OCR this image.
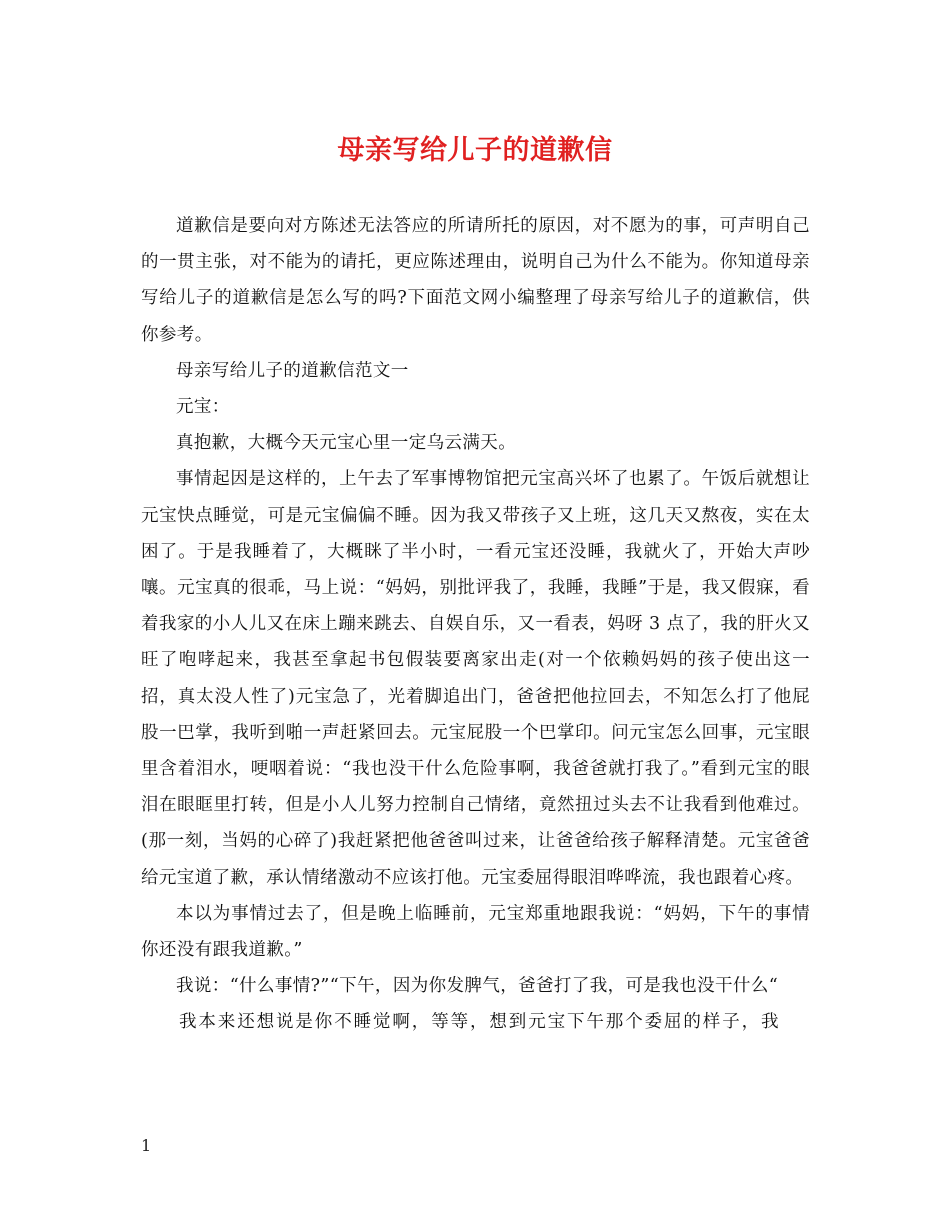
母亲写给儿子的道歉信

道歉信是要向对方陈述无法答应的所请所托的原因，对不愿为的事，可声明自己的一贯主张，对不能为的请托，更应陈述理由，说明自己为什么不能为。你知道母亲写给儿子的道歉信是怎么写的吗?下面范文网小编整理了母亲写给儿子的道歉信，供你参考。

母亲写给儿子的道歉信范文一

元宝：

真抱歉，大概今天元宝心里一定乌云满天。

事情起因是这样的，上午去了军事博物馆把元宝高兴坏了也累了。午饭后就想让元宝快点睡觉，可是元宝偏偏不睡。因为我又带孩子又上班，这几天又熬夜，实在太困了。于是我睡着了，大概眯了半小时，一看元宝还没睡，我就火了，开始大声吵嚷。元宝真的很乖，马上说：“妈妈，别批评我了，我睡，我睡”于是，我又假寐，看着我家的小人儿又在床上蹦来跳去、自娱自乐，又一看表，妈呀 3 点了，我的肝火又旺了咆哮起来，我甚至拿起书包假装要离家出走(对一个依赖妈妈的孩子使出这一招，真太没人性了)元宝急了，光着脚追出门，爸爸把他拉回去，不知怎么打了他屁股一巴掌，我听到啪一声赶紧回去。元宝屁股一个巴掌印。问元宝怎么回事，元宝眼里含着泪水，哽咽着说：“我也没干什么危险事啊，我爸爸就打我了。”看到元宝的眼泪在眼眶里打转，但是小人儿努力控制自己情绪，竟然扭过头去不让我看到他难过。(那一刻，当妈的心碎了)我赶紧把他爸爸叫过来，让爸爸给孩子解释清楚。元宝爸爸给元宝道了歉，承认情绪激动不应该打他。元宝委屈得眼泪哗哗流，我也跟着心疼。

本以为事情过去了，但是晚上临睡前，元宝郑重地跟我说：“妈妈，下午的事情你还没有跟我道歉。”

我说：“什么事情?”“下午，因为你发脾气，爸爸打了我，可是我也没干什么“

我本来还想说是你不睡觉啊，等等，想到元宝下午那个委屈的样子，我

1
